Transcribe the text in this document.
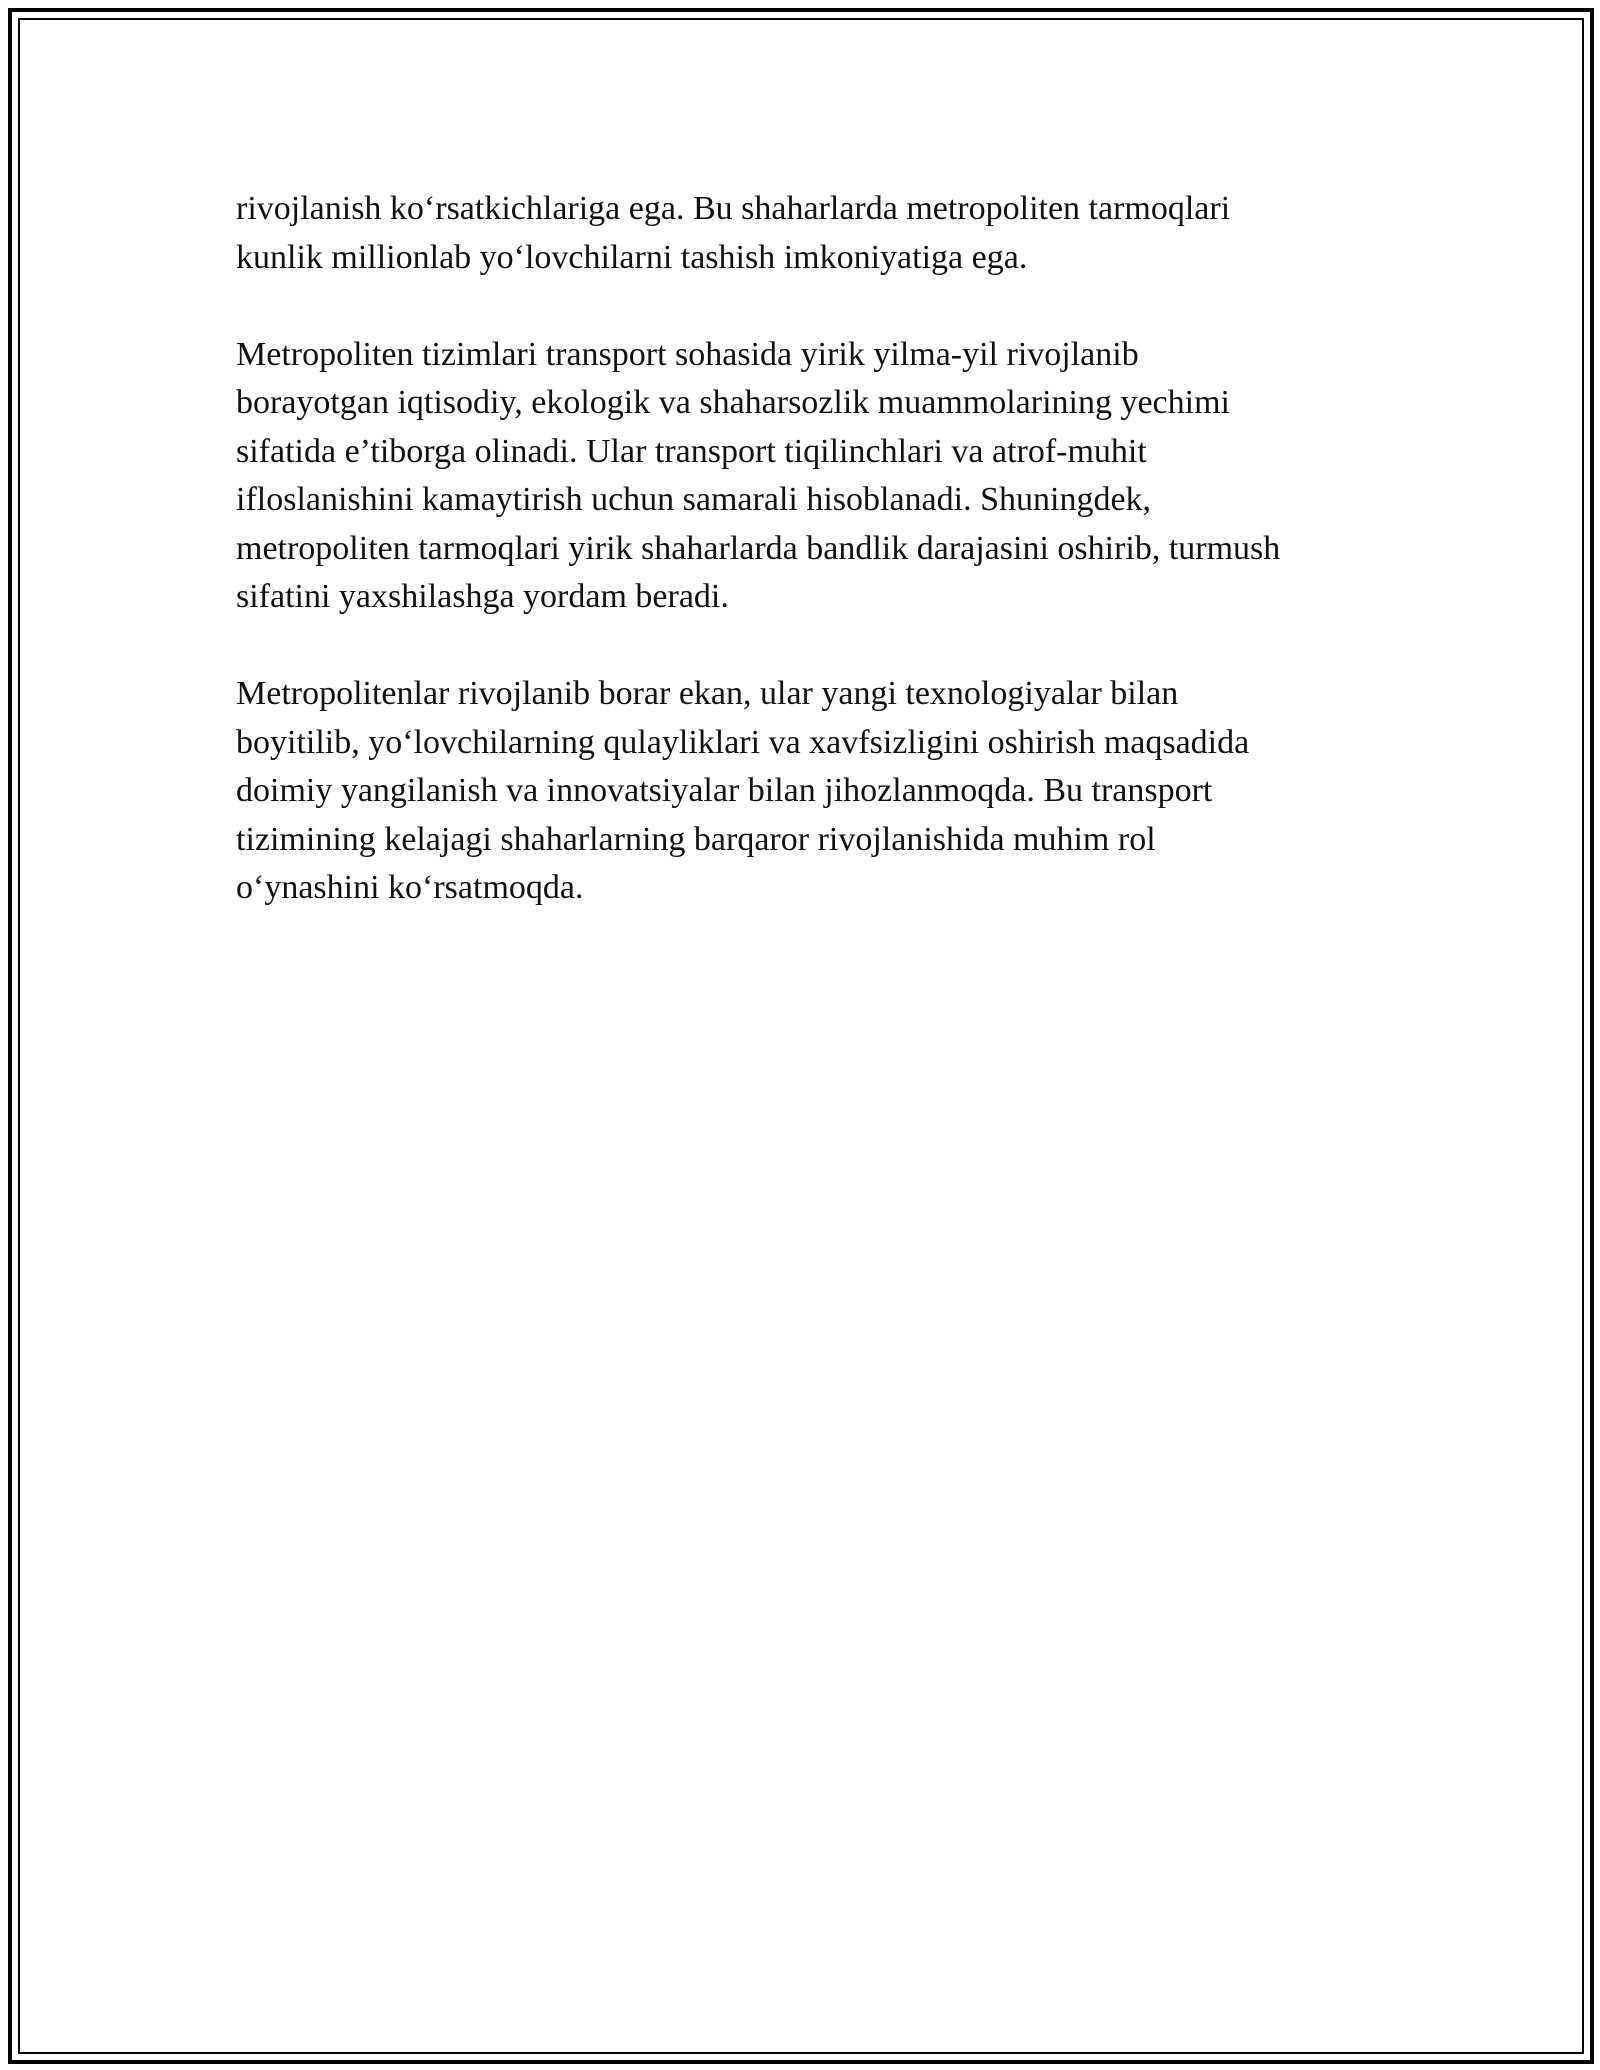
rivojlanish ko‘rsatkichlariga ega. Bu shaharlarda metropoliten tarmoqlari
kunlik millionlab yo‘lovchilarni tashish imkoniyatiga ega.

Metropoliten tizimlari transport sohasida yirik yilma-yil rivojlanib
borayotgan iqtisodiy, ekologik va shaharsozlik muammolarining yechimi
sifatida e’tiborga olinadi. Ular transport tiqilinchlari va atrof-muhit
ifloslanishini kamaytirish uchun samarali hisoblanadi. Shuningdek,
metropoliten tarmoqlari yirik shaharlarda bandlik darajasini oshirib, turmush
sifatini yaxshilashga yordam beradi.

Metropolitenlar rivojlanib borar ekan, ular yangi texnologiyalar bilan
boyitilib, yo‘lovchilarning qulayliklari va xavfsizligini oshirish maqsadida
doimiy yangilanish va innovatsiyalar bilan jihozlanmoqda. Bu transport
tizimining kelajagi shaharlarning barqaror rivojlanishida muhim rol
o‘ynashini ko‘rsatmoqda.
